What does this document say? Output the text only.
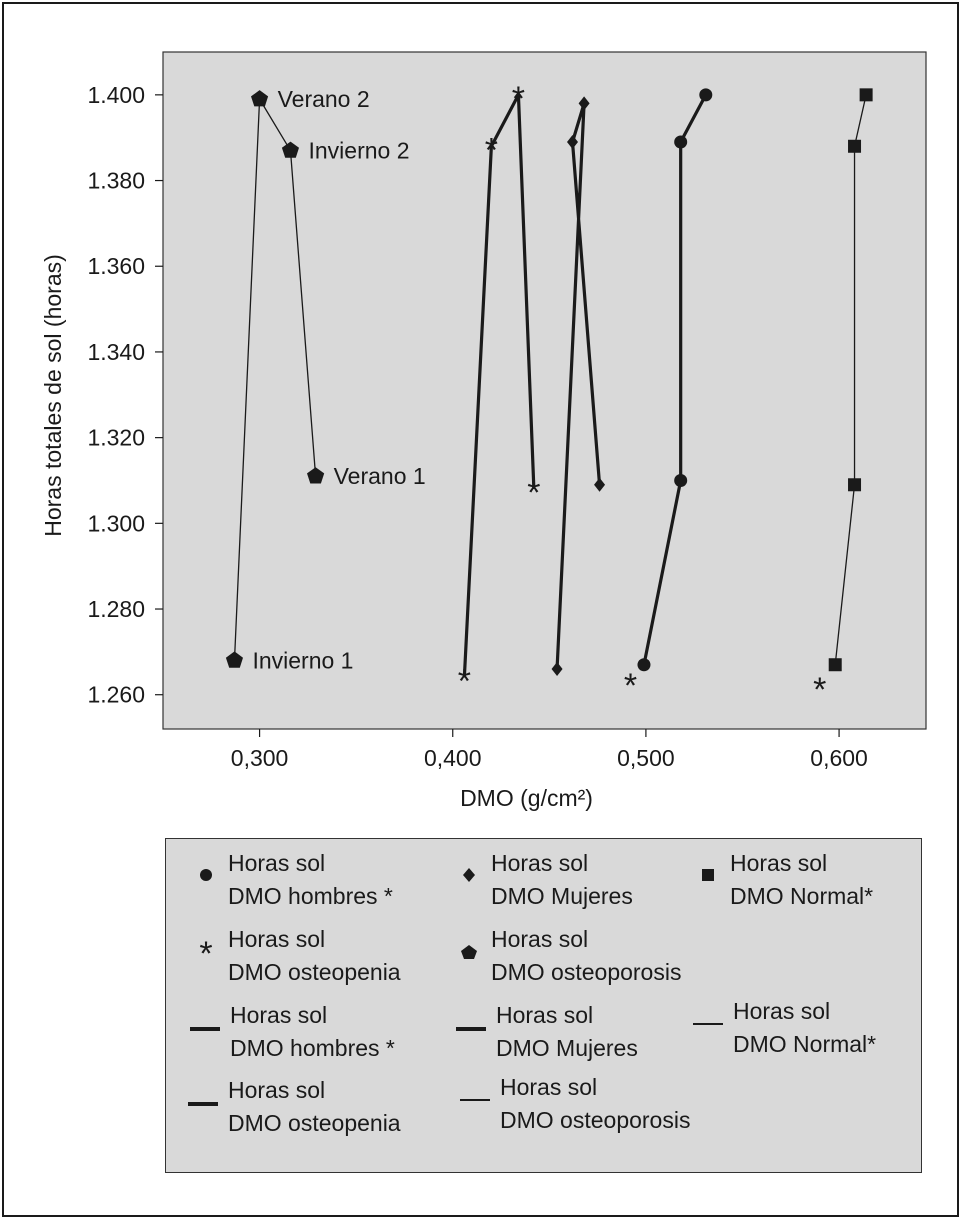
0,300	0,400	0,500	0,600
1.260
1.280
1.300
1.320
1.340
1.360
1.380
1.400
DMO (g/cm²)
Horas totales de sol (horas)
*
*
*
*
*	*
Invierno 1
Verano 1
Invierno 2
Verano 2
Horas sol
DMO hombres *
Horas sol
DMO Mujeres
Horas sol
DMO Normal*
* Horas sol
DMO osteopenia
Horas sol
DMO osteoporosis
Horas sol
DMO hombres *
Horas sol
DMO Mujeres
Horas sol
DMO Normal*
Horas sol
DMO osteopenia
Horas sol
DMO osteoporosis
